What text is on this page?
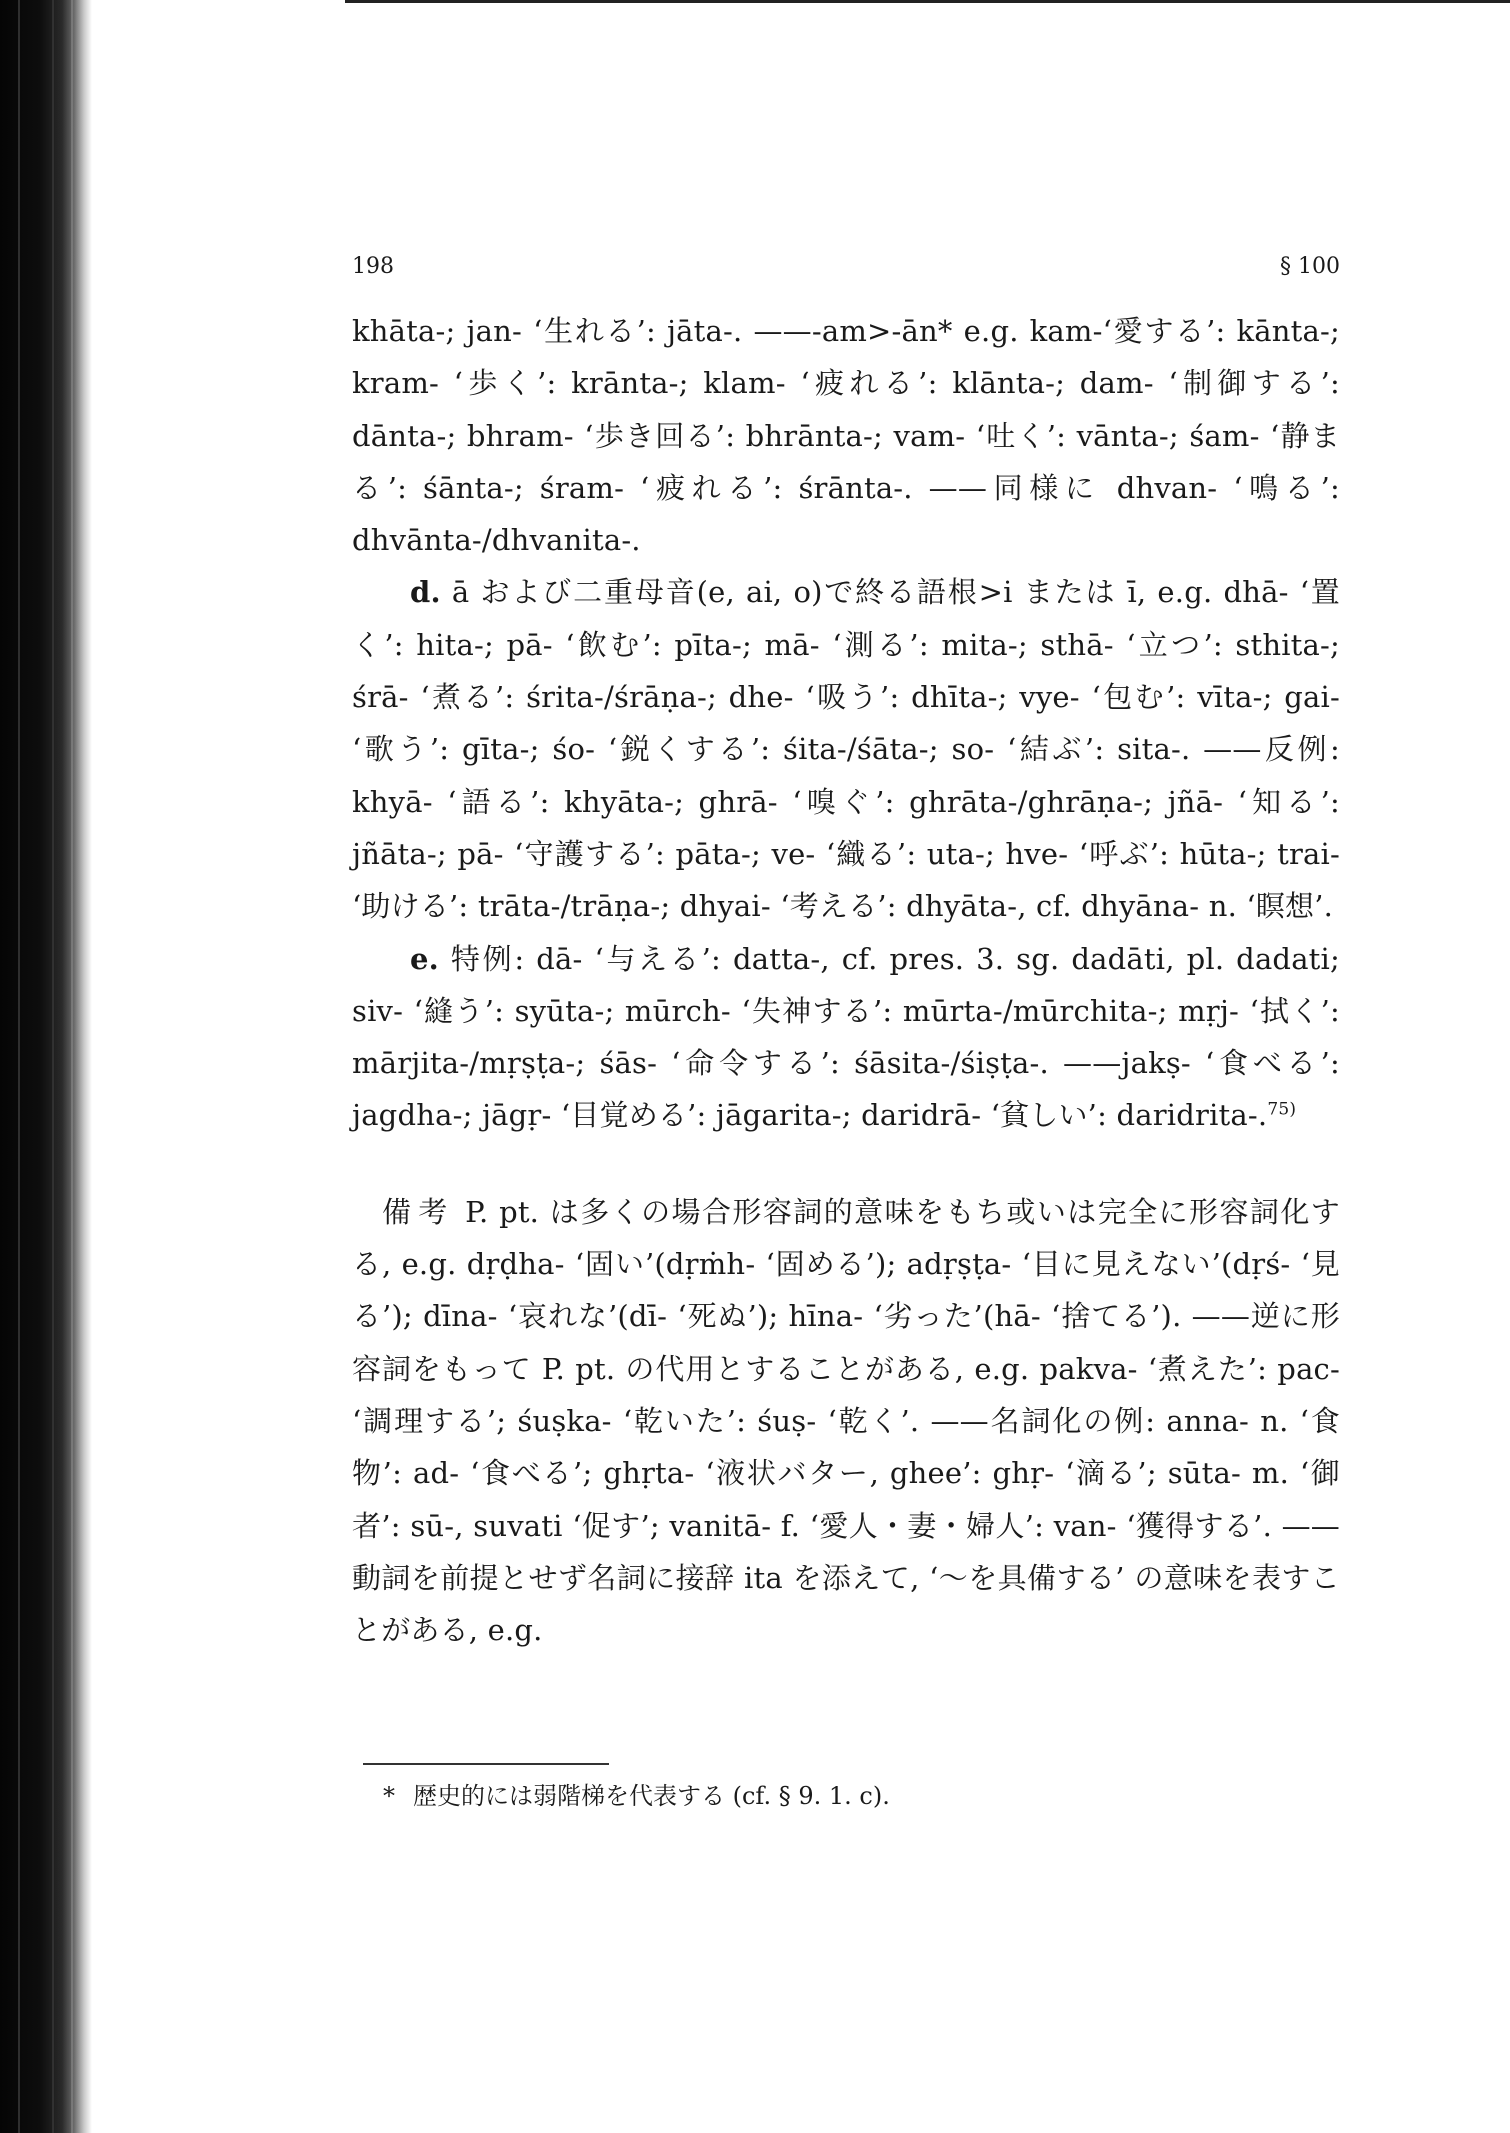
198	§ 100

khāta-; jan- ‘生れる’: jāta-. ——-am>-ān* e.g. kam-‘愛する’: kānta-; kram- ‘歩く’: krānta-; klam- ‘疲れる’: klānta-; dam- ‘制御する’: dānta-; bhram- ‘歩き回る’: bhrānta-; vam- ‘吐く’: vānta-; śam- ‘静まる’: śānta-; śram- ‘疲れる’: śrānta-. ——同様に dhvan- ‘鳴る’: dhvānta-/dhvanita-.

d. ā および二重母音(e, ai, o)で終る語根>i または ī, e.g. dhā- ‘置く’: hita-; pā- ‘飲む’: pīta-; mā- ‘測る’: mita-; sthā- ‘立つ’: sthita-; śrā- ‘煮る’: śrita-/śrāṇa-; dhe- ‘吸う’: dhīta-; vye- ‘包む’: vīta-; gai- ‘歌う’: gīta-; śo- ‘鋭くする’: śita-/śāta-; so- ‘結ぶ’: sita-. ——反例: khyā- ‘語る’: khyāta-; ghrā- ‘嗅ぐ’: ghrāta-/ghrāṇa-; jñā- ‘知る’: jñāta-; pā- ‘守護する’: pāta-; ve- ‘織る’: uta-; hve- ‘呼ぶ’: hūta-; trai- ‘助ける’: trāta-/trāṇa-; dhyai- ‘考える’: dhyāta-, cf. dhyāna- n. ‘瞑想’.

e. 特例: dā- ‘与える’: datta-, cf. pres. 3. sg. dadāti, pl. dadati; siv- ‘縫う’: syūta-; mūrch- ‘失神する’: mūrta-/mūrchita-; mṛj- ‘拭く’: mārjita-/mṛṣṭa-; śās- ‘命令する’: śāsita-/śiṣṭa-. ——jakṣ- ‘食べる’: jagdha-; jāgṛ- ‘目覚める’: jāgarita-; daridrā- ‘貧しい’: daridrita-.$^{75)}$

備考 P. pt. は多くの場合形容詞的意味をもち或いは完全に形容詞化する, e.g. dṛḍha- ‘固い’(dṛṁh- ‘固める’); adṛṣṭa- ‘目に見えない’(dṛś- ‘見る’); dīna- ‘哀れな’(dī- ‘死ぬ’); hīna- ‘劣った’(hā- ‘捨てる’). ——逆に形容詞をもって P. pt. の代用とすることがある, e.g. pakva- ‘煮えた’: pac- ‘調理する’; śuṣka- ‘乾いた’: śuṣ- ‘乾く’. ——名詞化の例: anna- n. ‘食物’: ad- ‘食べる’; ghṛta- ‘液状バター, ghee’: ghṛ- ‘滴る’; sūta- m. ‘御者’: sū-, suvati ‘促す’; vanitā- f. ‘愛人・妻・婦人’: van- ‘獲得する’. ——動詞を前提とせず名詞に接辞 ita を添えて, ‘〜を具備する’ の意味を表すことがある, e.g.

* 歴史的には弱階梯を代表する (cf. § 9. 1. c).
